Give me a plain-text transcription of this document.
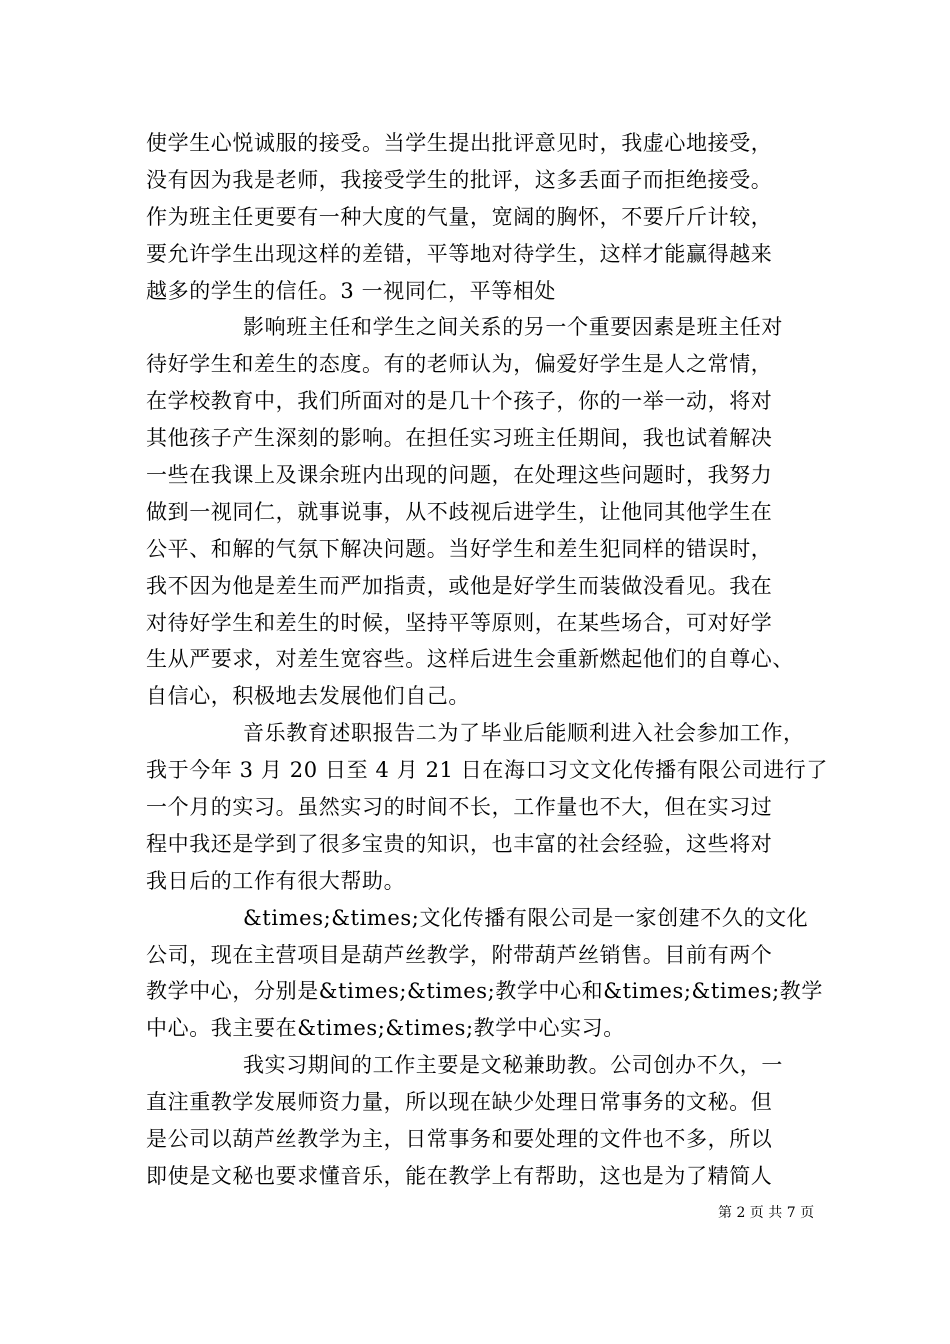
使学生心悦诚服的接受。当学生提出批评意见时，我虚心地接受，
没有因为我是老师，我接受学生的批评，这多丢面子而拒绝接受。
作为班主任更要有一种大度的气量，宽阔的胸怀，不要斤斤计较，
要允许学生出现这样的差错，平等地对待学生，这样才能赢得越来
越多的学生的信任。3 一视同仁，平等相处
影响班主任和学生之间关系的另一个重要因素是班主任对
待好学生和差生的态度。有的老师认为，偏爱好学生是人之常情，
在学校教育中，我们所面对的是几十个孩子，你的一举一动，将对
其他孩子产生深刻的影响。在担任实习班主任期间，我也试着解决
一些在我课上及课余班内出现的问题，在处理这些问题时，我努力
做到一视同仁，就事说事，从不歧视后进学生，让他同其他学生在
公平、和解的气氛下解决问题。当好学生和差生犯同样的错误时，
我不因为他是差生而严加指责，或他是好学生而装做没看见。我在
对待好学生和差生的时候，坚持平等原则，在某些场合，可对好学
生从严要求，对差生宽容些。这样后进生会重新燃起他们的自尊心、
自信心，积极地去发展他们自己。
音乐教育述职报告二为了毕业后能顺利进入社会参加工作，
我于今年 3 月 20 日至 4 月 21 日在海口习文文化传播有限公司进行了
一个月的实习。虽然实习的时间不长，工作量也不大，但在实习过
程中我还是学到了很多宝贵的知识，也丰富的社会经验，这些将对
我日后的工作有很大帮助。
&times;&times;文化传播有限公司是一家创建不久的文化
公司，现在主营项目是葫芦丝教学，附带葫芦丝销售。目前有两个
教学中心，分别是&times;&times;教学中心和&times;&times;教学
中心。我主要在&times;&times;教学中心实习。
我实习期间的工作主要是文秘兼助教。公司创办不久，一
直注重教学发展师资力量，所以现在缺少处理日常事务的文秘。但
是公司以葫芦丝教学为主，日常事务和要处理的文件也不多，所以
即使是文秘也要求懂音乐，能在教学上有帮助，这也是为了精简人
第 2 页 共 7 页
